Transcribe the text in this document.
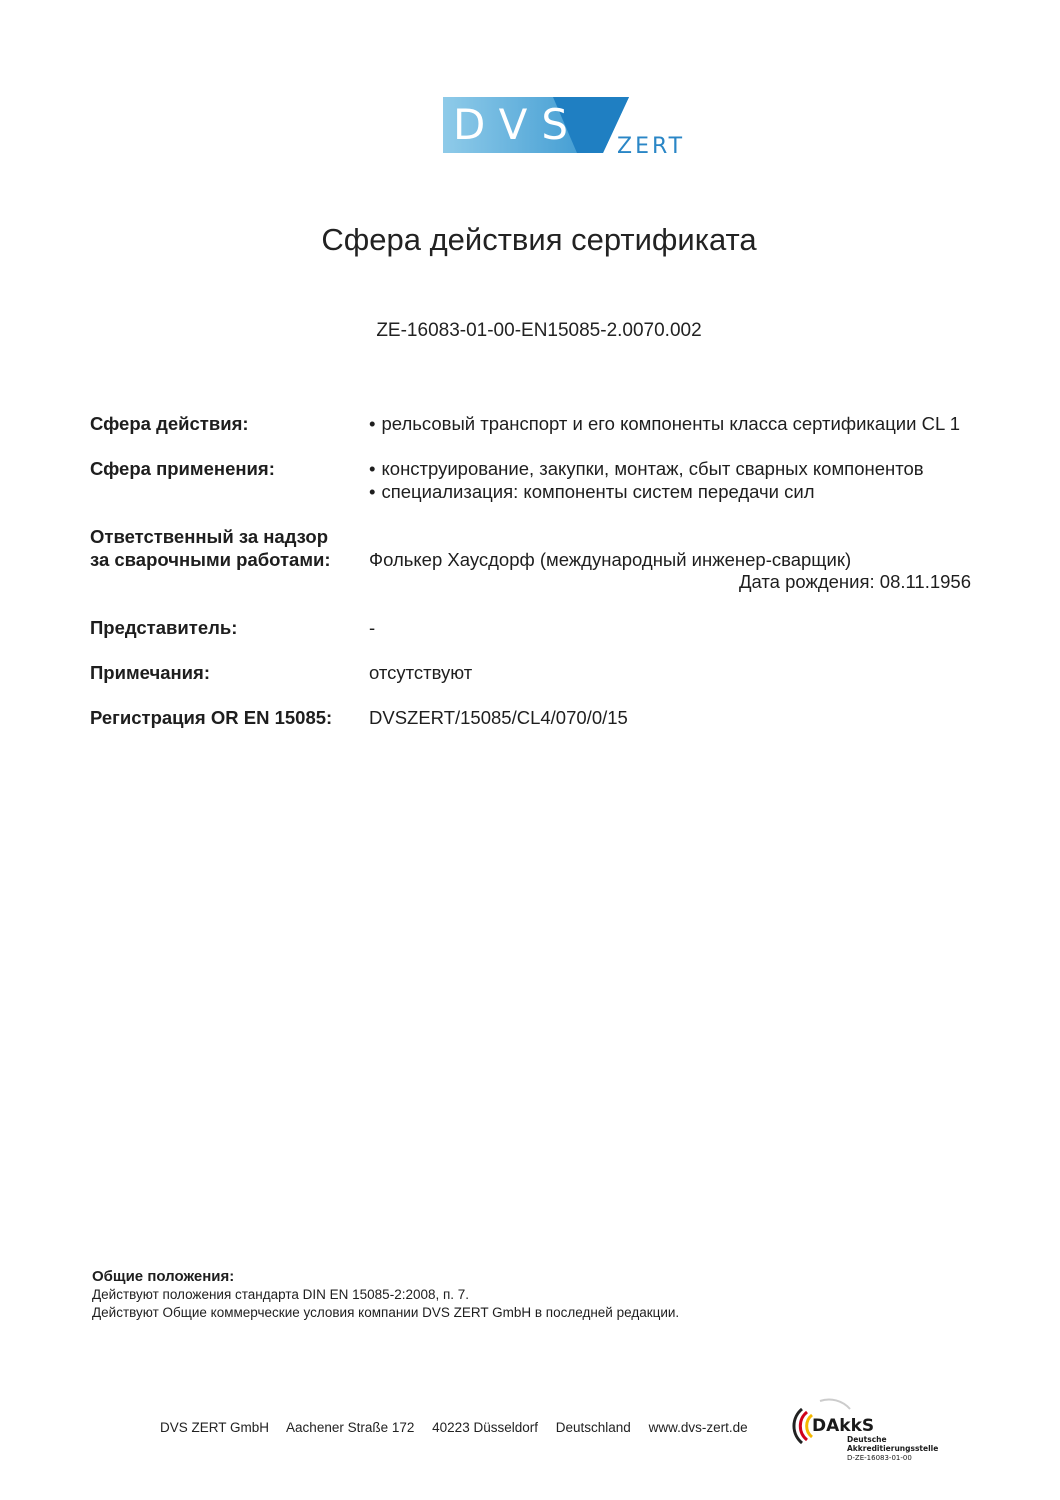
DVS ZERT
Сфера действия сертификата
ZE-16083-01-00-EN15085-2.0070.002
Сфера действия:	• рельсовый транспорт и его компоненты класса сертификации CL 1
Сфера применения:	• конструирование, закупки, монтаж, сбыт сварных компонентов
• специализация: компоненты систем передачи сил
Ответственный за надзор
за сварочными работами: Фолькер Хаусдорф (международный инженер-сварщик)
Дата рождения: 08.11.1956
Представитель:	-
Примечания:	отсутствуют
Регистрация OR EN 15085: DVSZERT/15085/CL4/070/0/15
Общие положения:
Действуют положения стандарта DIN EN 15085-2:2008, п. 7.
Действуют Общие коммерческие условия компании DVS ZERT GmbH в последней редакции.
DVS ZERT GmbH Aachener Straße 172 40223 Düsseldorf Deutschland www.dvs-zert.de	DAkkS
Deutsche
Akkreditierungsstelle
D-ZE-16083-01-00
